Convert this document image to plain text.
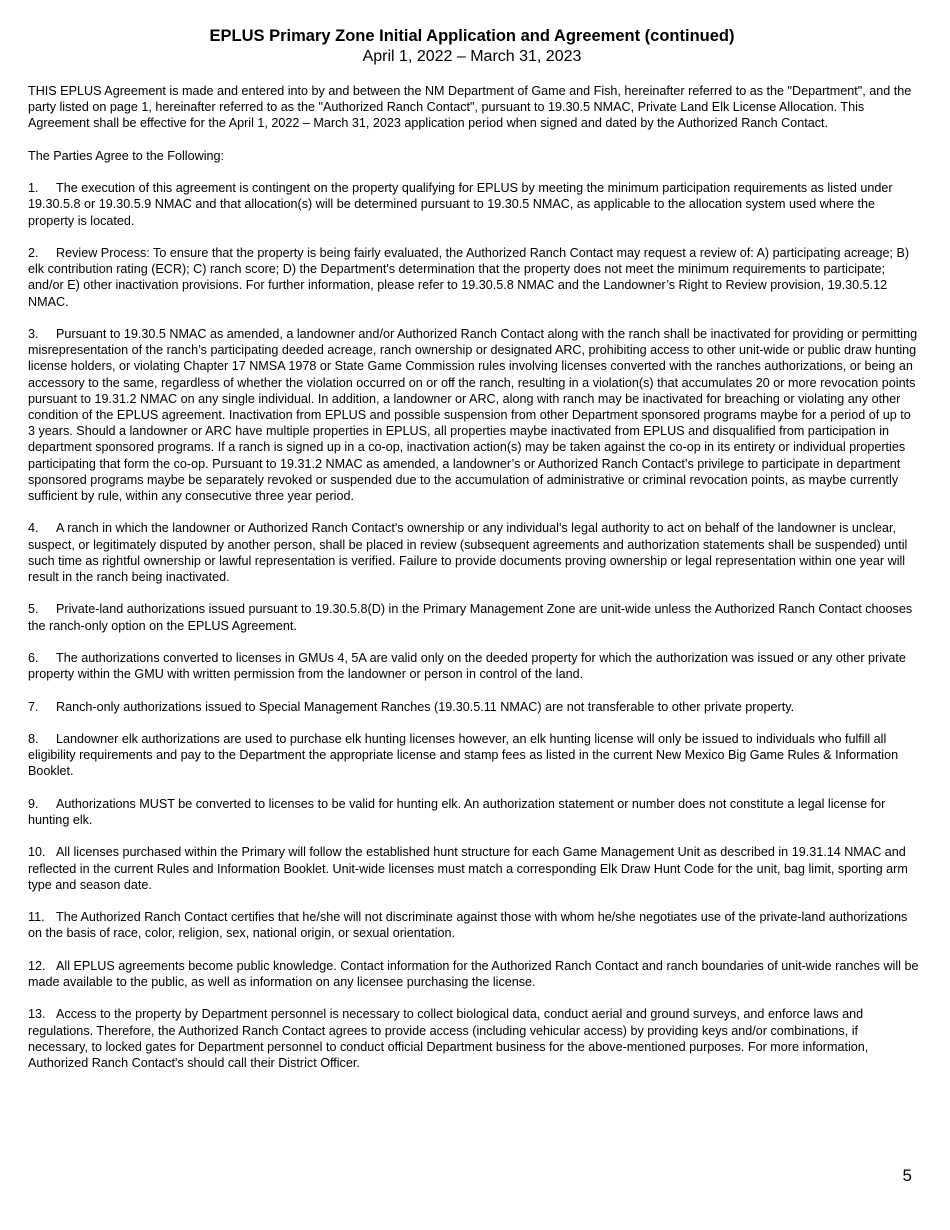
EPLUS Primary Zone Initial Application and Agreement (continued)
April 1, 2022 – March 31, 2023

THIS EPLUS Agreement is made and entered into by and between the NM Department of Game and Fish, hereinafter referred to as the "Department", and the party listed on page 1, hereinafter referred to as the "Authorized Ranch Contact", pursuant to 19.30.5 NMAC, Private Land Elk License Allocation. This Agreement shall be effective for the April 1, 2022 – March 31, 2023 application period when signed and dated by the Authorized Ranch Contact.

The Parties Agree to the Following:

1. The execution of this agreement is contingent on the property qualifying for EPLUS by meeting the minimum participation requirements as listed under 19.30.5.8 or 19.30.5.9 NMAC and that allocation(s) will be determined pursuant to 19.30.5 NMAC, as applicable to the allocation system used where the property is located.

2. Review Process: To ensure that the property is being fairly evaluated, the Authorized Ranch Contact may request a review of: A) participating acreage; B) elk contribution rating (ECR); C) ranch score; D) the Department's determination that the property does not meet the minimum requirements to participate; and/or E) other inactivation provisions. For further information, please refer to 19.30.5.8 NMAC and the Landowner’s Right to Review provision, 19.30.5.12 NMAC.

3. Pursuant to 19.30.5 NMAC as amended, a landowner and/or Authorized Ranch Contact along with the ranch shall be inactivated for providing or permitting misrepresentation of the ranch’s participating deeded acreage, ranch ownership or designated ARC, prohibiting access to other unit-wide or public draw hunting license holders, or violating Chapter 17 NMSA 1978 or State Game Commission rules involving licenses converted with the ranches authorizations, or being an accessory to the same, regardless of whether the violation occurred on or off the ranch, resulting in a violation(s) that accumulates 20 or more revocation points pursuant to 19.31.2 NMAC on any single individual. In addition, a landowner or ARC, along with ranch may be inactivated for breaching or violating any other condition of the EPLUS agreement. Inactivation from EPLUS and possible suspension from other Department sponsored programs maybe for a period of up to 3 years. Should a landowner or ARC have multiple properties in EPLUS, all properties maybe inactivated from EPLUS and disqualified from participation in department sponsored programs. If a ranch is signed up in a co-op, inactivation action(s) may be taken against the co-op in its entirety or individual properties participating that form the co-op. Pursuant to 19.31.2 NMAC as amended, a landowner’s or Authorized Ranch Contact’s privilege to participate in department sponsored programs maybe be separately revoked or suspended due to the accumulation of administrative or criminal revocation points, as maybe currently sufficient by rule, within any consecutive three year period.

4. A ranch in which the landowner or Authorized Ranch Contact's ownership or any individual's legal authority to act on behalf of the landowner is unclear, suspect, or legitimately disputed by another person, shall be placed in review (subsequent agreements and authorization statements shall be suspended) until such time as rightful ownership or lawful representation is verified. Failure to provide documents proving ownership or legal representation within one year will result in the ranch being inactivated.

5. Private-land authorizations issued pursuant to 19.30.5.8(D) in the Primary Management Zone are unit-wide unless the Authorized Ranch Contact chooses the ranch-only option on the EPLUS Agreement.

6. The authorizations converted to licenses in GMUs 4, 5A are valid only on the deeded property for which the authorization was issued or any other private property within the GMU with written permission from the landowner or person in control of the land.

7. Ranch-only authorizations issued to Special Management Ranches (19.30.5.11 NMAC) are not transferable to other private property.

8. Landowner elk authorizations are used to purchase elk hunting licenses however, an elk hunting license will only be issued to individuals who fulfill all eligibility requirements and pay to the Department the appropriate license and stamp fees as listed in the current New Mexico Big Game Rules & Information Booklet.

9. Authorizations MUST be converted to licenses to be valid for hunting elk. An authorization statement or number does not constitute a legal license for hunting elk.

10. All licenses purchased within the Primary will follow the established hunt structure for each Game Management Unit as described in 19.31.14 NMAC and reflected in the current Rules and Information Booklet. Unit-wide licenses must match a corresponding Elk Draw Hunt Code for the unit, bag limit, sporting arm type and season date.

11. The Authorized Ranch Contact certifies that he/she will not discriminate against those with whom he/she negotiates use of the private-land authorizations on the basis of race, color, religion, sex, national origin, or sexual orientation.

12. All EPLUS agreements become public knowledge. Contact information for the Authorized Ranch Contact and ranch boundaries of unit-wide ranches will be made available to the public, as well as information on any licensee purchasing the license.

13. Access to the property by Department personnel is necessary to collect biological data, conduct aerial and ground surveys, and enforce laws and regulations. Therefore, the Authorized Ranch Contact agrees to provide access (including vehicular access) by providing keys and/or combinations, if necessary, to locked gates for Department personnel to conduct official Department business for the above-mentioned purposes. For more information, Authorized Ranch Contact's should call their District Officer.

5
